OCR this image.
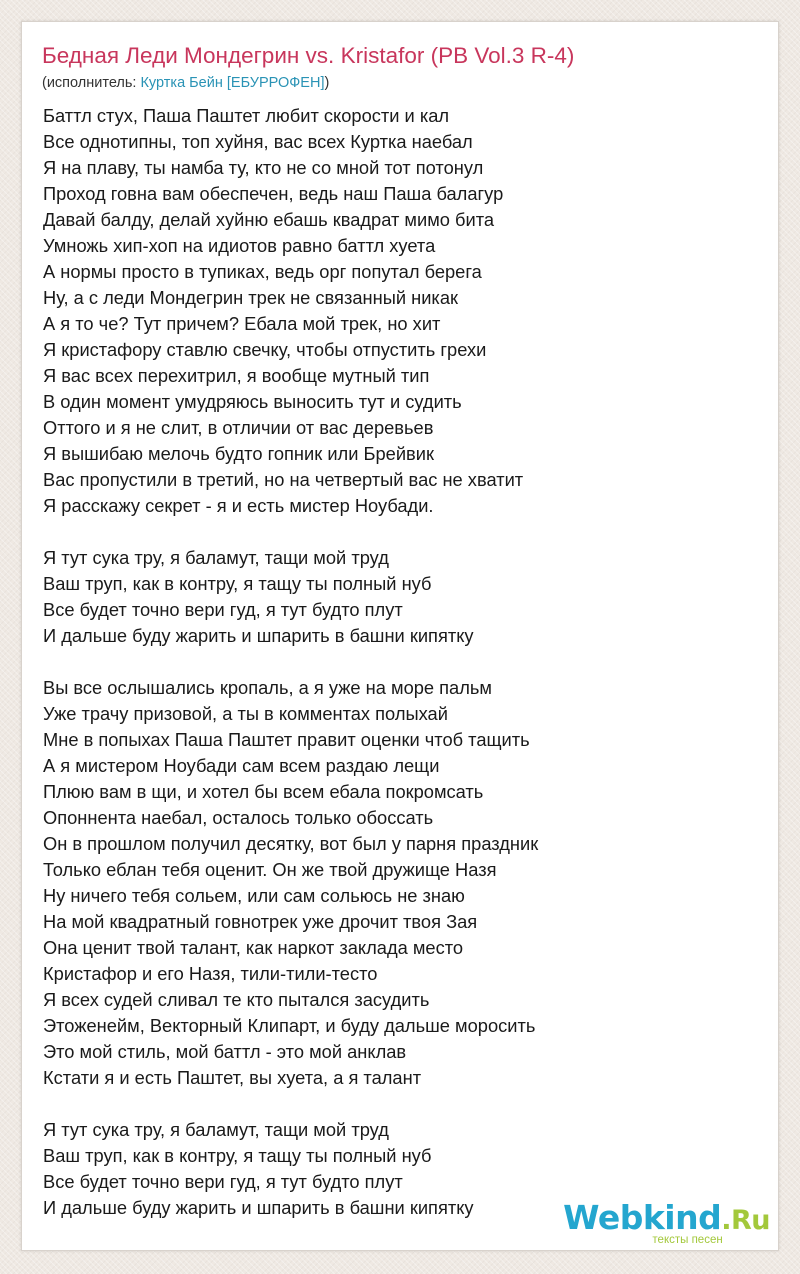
Бедная Леди Мондегрин vs. Kristafor (PB Vol.3 R-4)
(исполнитель: Куртка Бейн [ЕБУРРОФЕН])
Баттл стух, Паша Паштет любит скорости и кал
Все однотипны, топ хуйня, вас всех Куртка наебал
Я на плаву, ты намба ту, кто не со мной тот потонул
Проход говна вам обеспечен, ведь наш Паша балагур
Давай балду, делай хуйню ебашь квадрат мимо бита
Умножь хип-хоп на идиотов равно баттл хуета
А нормы просто в тупиках, ведь орг попутал берега
Ну, а с леди Мондегрин трек не связанный никак
А я то че? Тут причем? Ебала мой трек, но хит
Я кристафору ставлю свечку, чтобы отпустить грехи
Я вас всех перехитрил, я вообще мутный тип
В один момент умудряюсь выносить тут и судить
Оттого и я не слит, в отличии от вас деревьев
Я вышибаю мелочь будто гопник или Брейвик
Вас пропустили в третий, но на четвертый вас не хватит
Я расскажу секрет - я и есть мистер Ноубади.
Я тут сука тру, я баламут, тащи мой труд
Ваш труп, как в контру, я тащу ты полный нуб
Все будет точно вери гуд, я тут будто плут
И дальше буду жарить и шпарить в башни кипятку
Вы все ослышались кропаль, а я уже на море пальм
Уже трачу призовой, а ты в комментах полыхай
Мне в попыхах Паша Паштет правит оценки чтоб тащить
А я мистером Ноубади сам всем раздаю лещи
Плюю вам в щи, и хотел бы всем ебала покромсать
Опоннента наебал, осталось только обоссать
Он в прошлом получил десятку, вот был у парня праздник
Только еблан тебя оценит. Он же твой дружище Назя
Ну ничего тебя сольем, или сам сольюсь не знаю
На мой квадратный говнотрек уже дрочит твоя Зая
Она ценит твой талант, как наркот заклада место
Кристафор и его Назя, тили-тили-тесто
Я всех судей сливал те кто пытался засудить
Этоженейм, Векторный Клипарт, и буду дальше моросить
Это мой стиль, мой баттл - это мой анклав
Кстати я и есть Паштет, вы хуета, а я талант
Я тут сука тру, я баламут, тащи мой труд
Ваш труп, как в контру, я тащу ты полный нуб
Все будет точно вери гуд, я тут будто плут
И дальше буду жарить и шпарить в башни кипятку	Webkind.Ru
тексты песен
